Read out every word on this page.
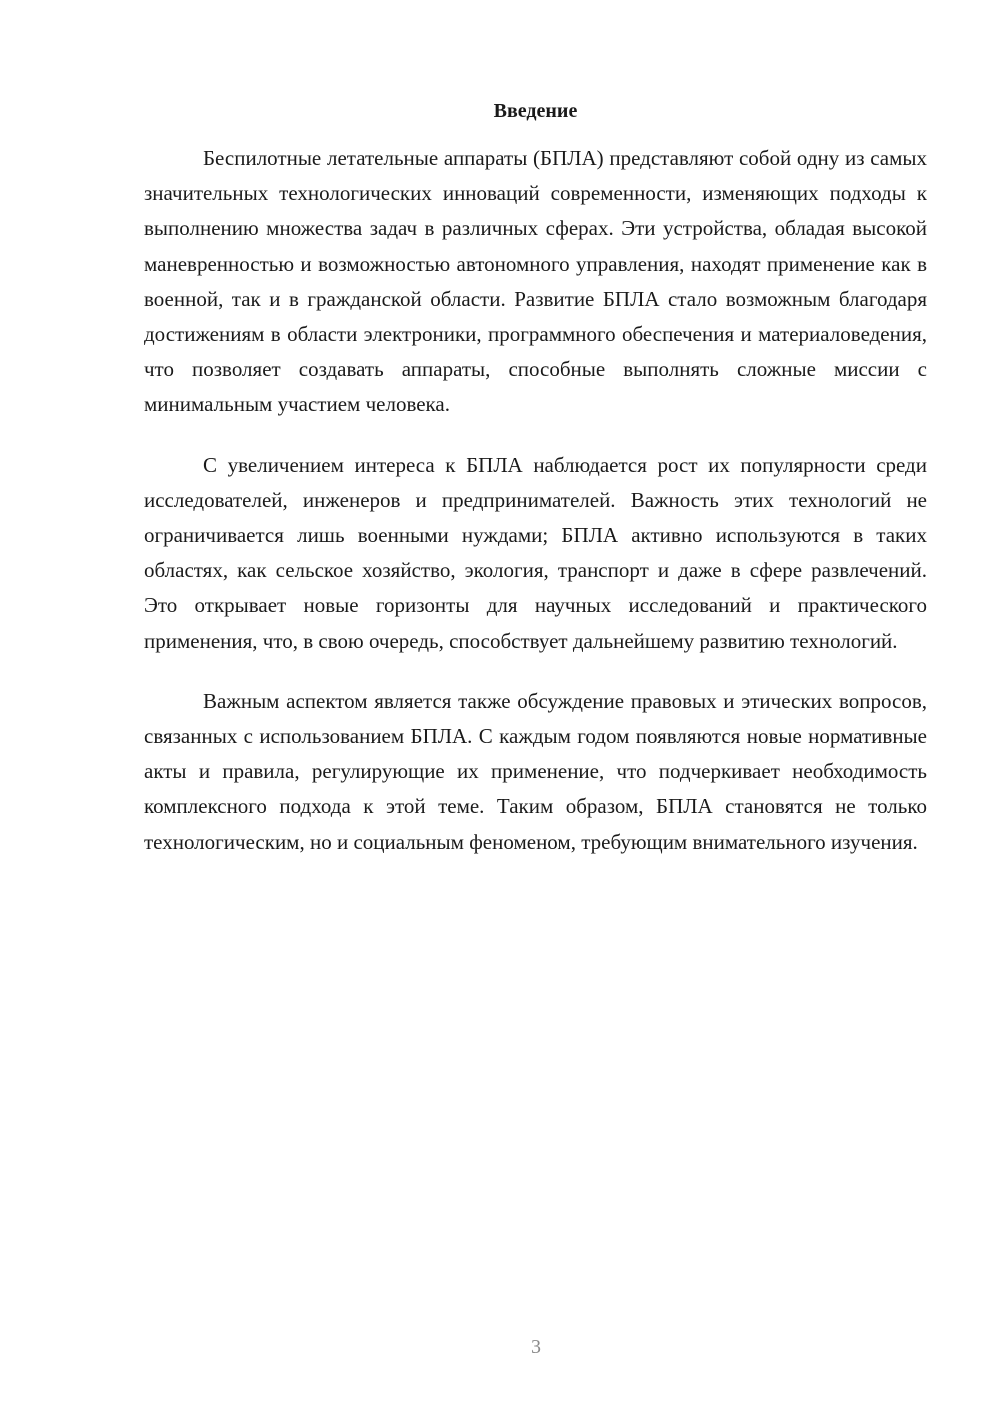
Введение

Беспилотные летательные аппараты (БПЛА) представляют собой одну из самых значительных технологических инноваций современности, изменяющих подходы к выполнению множества задач в различных сферах. Эти устройства, обладая высокой маневренностью и возможностью автономного управления, находят применение как в военной, так и в гражданской области. Развитие БПЛА стало возможным благодаря достижениям в области электроники, программного обеспечения и материаловедения, что позволяет создавать аппараты, способные выполнять сложные миссии с минимальным участием человека.

С увеличением интереса к БПЛА наблюдается рост их популярности среди исследователей, инженеров и предпринимателей. Важность этих технологий не ограничивается лишь военными нуждами; БПЛА активно используются в таких областях, как сельское хозяйство, экология, транспорт и даже в сфере развлечений. Это открывает новые горизонты для научных исследований и практического применения, что, в свою очередь, способствует дальнейшему развитию технологий.

Важным аспектом является также обсуждение правовых и этических вопросов, связанных с использованием БПЛА. С каждым годом появляются новые нормативные акты и правила, регулирующие их применение, что подчеркивает необходимость комплексного подхода к этой теме. Таким образом, БПЛА становятся не только технологическим, но и социальным феноменом, требующим внимательного изучения.

3
